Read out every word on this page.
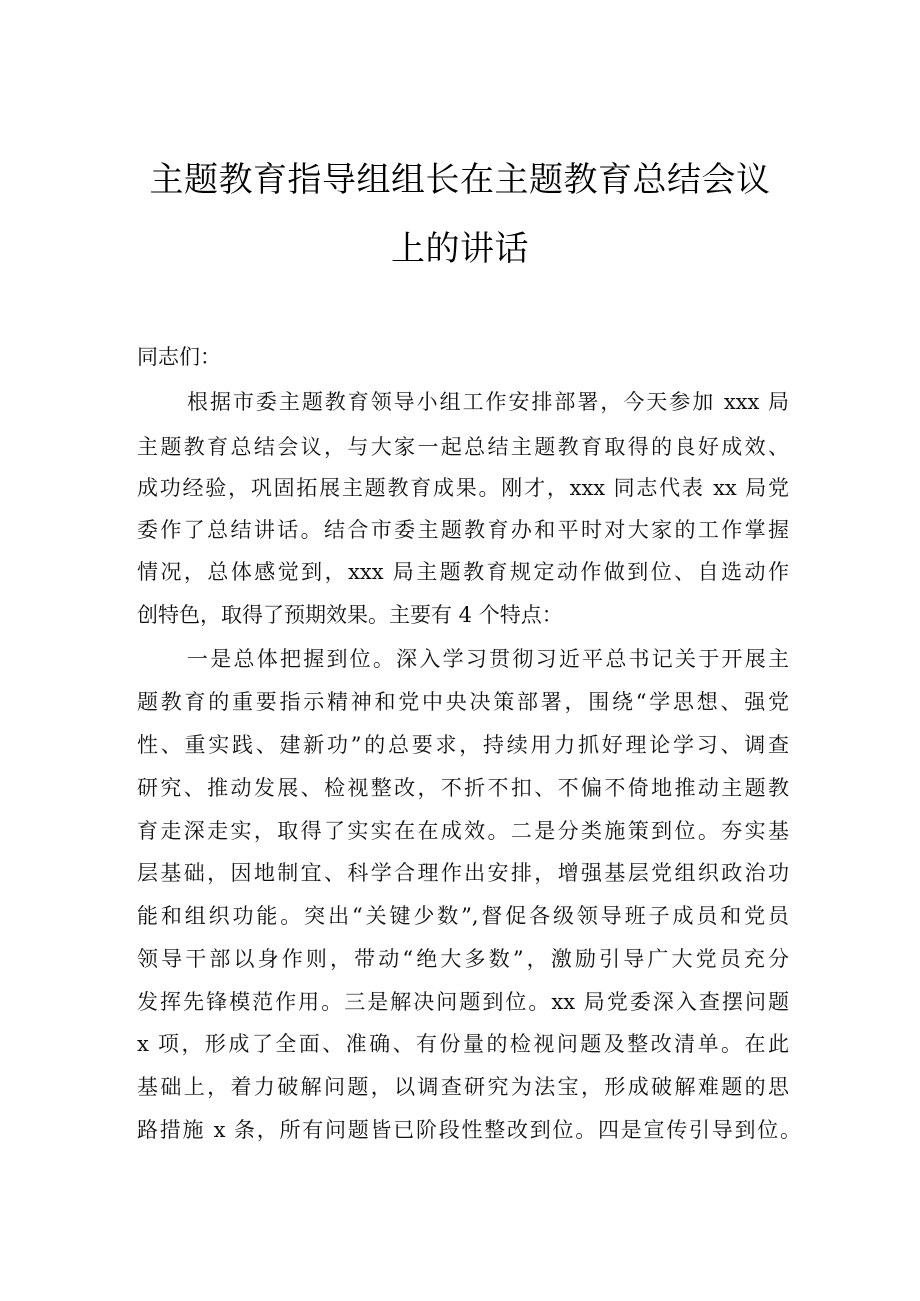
主题教育指导组组长在主题教育总结会议
上的讲话
同志们：
根据市委主题教育领导小组工作安排部署，今天参加 xxx 局
主题教育总结会议，与大家一起总结主题教育取得的良好成效、
成功经验，巩固拓展主题教育成果。刚才，xxx 同志代表 xx 局党
委作了总结讲话。结合市委主题教育办和平时对大家的工作掌握
情况，总体感觉到，xxx 局主题教育规定动作做到位、自选动作
创特色，取得了预期效果。主要有 4 个特点：
一是总体把握到位。深入学习贯彻习近平总书记关于开展主
题教育的重要指示精神和党中央决策部署，围绕“学思想、强党
性、重实践、建新功”的总要求，持续用力抓好理论学习、调查
研究、推动发展、检视整改，不折不扣、不偏不倚地推动主题教
育走深走实，取得了实实在在成效。二是分类施策到位。夯实基
层基础，因地制宜、科学合理作出安排，增强基层党组织政治功
能和组织功能。突出“关键少数”,督促各级领导班子成员和党员
领导干部以身作则，带动“绝大多数”，激励引导广大党员充分
发挥先锋模范作用。三是解决问题到位。xx 局党委深入查摆问题
x 项，形成了全面、准确、有份量的检视问题及整改清单。在此
基础上，着力破解问题，以调查研究为法宝，形成破解难题的思
路措施 x 条，所有问题皆已阶段性整改到位。四是宣传引导到位。
